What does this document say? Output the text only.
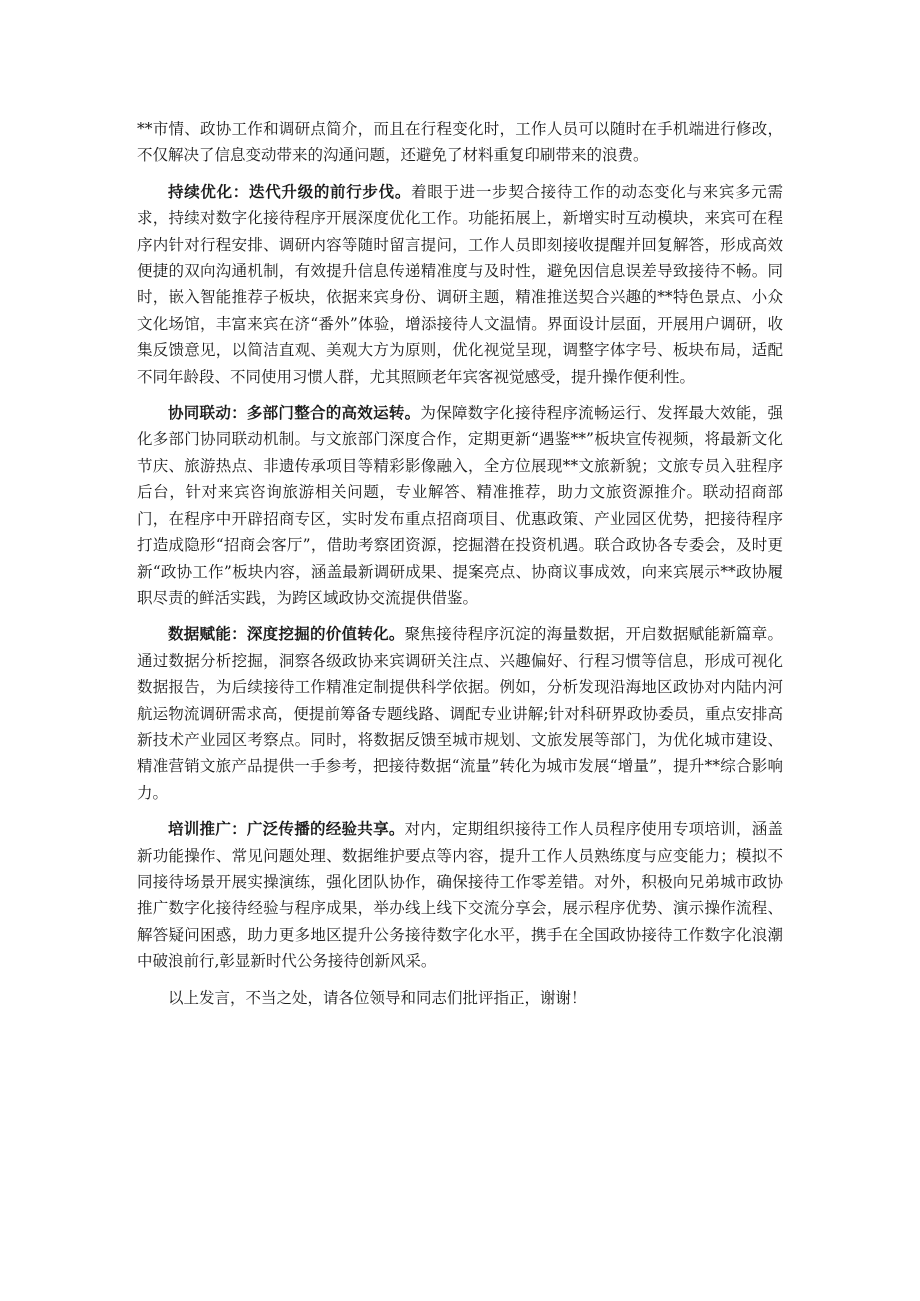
**市情、政协工作和调研点简介，而且在行程变化时，工作人员可以随时在手机端进行修改，不仅解决了信息变动带来的沟通问题，还避免了材料重复印刷带来的浪费。

持续优化：迭代升级的前行步伐。着眼于进一步契合接待工作的动态变化与来宾多元需求，持续对数字化接待程序开展深度优化工作。功能拓展上，新增实时互动模块，来宾可在程序内针对行程安排、调研内容等随时留言提问，工作人员即刻接收提醒并回复解答，形成高效便捷的双向沟通机制，有效提升信息传递精准度与及时性，避免因信息误差导致接待不畅。同时，嵌入智能推荐子板块，依据来宾身份、调研主题，精准推送契合兴趣的**特色景点、小众文化场馆，丰富来宾在济“番外”体验，增添接待人文温情。界面设计层面，开展用户调研，收集反馈意见，以简洁直观、美观大方为原则，优化视觉呈现，调整字体字号、板块布局，适配不同年龄段、不同使用习惯人群，尤其照顾老年宾客视觉感受，提升操作便利性。

协同联动：多部门整合的高效运转。为保障数字化接待程序流畅运行、发挥最大效能，强化多部门协同联动机制。与文旅部门深度合作，定期更新“遇鉴**”板块宣传视频，将最新文化节庆、旅游热点、非遗传承项目等精彩影像融入，全方位展现**文旅新貌；文旅专员入驻程序后台，针对来宾咨询旅游相关问题，专业解答、精准推荐，助力文旅资源推介。联动招商部门，在程序中开辟招商专区，实时发布重点招商项目、优惠政策、产业园区优势，把接待程序打造成隐形“招商会客厅”，借助考察团资源，挖掘潜在投资机遇。联合政协各专委会，及时更新“政协工作”板块内容，涵盖最新调研成果、提案亮点、协商议事成效，向来宾展示**政协履职尽责的鲜活实践，为跨区域政协交流提供借鉴。

数据赋能：深度挖掘的价值转化。聚焦接待程序沉淀的海量数据，开启数据赋能新篇章。通过数据分析挖掘，洞察各级政协来宾调研关注点、兴趣偏好、行程习惯等信息，形成可视化数据报告，为后续接待工作精准定制提供科学依据。例如，分析发现沿海地区政协对内陆内河航运物流调研需求高，便提前筹备专题线路、调配专业讲解;针对科研界政协委员，重点安排高新技术产业园区考察点。同时，将数据反馈至城市规划、文旅发展等部门，为优化城市建设、精准营销文旅产品提供一手参考，把接待数据“流量”转化为城市发展“增量”，提升**综合影响力。

培训推广：广泛传播的经验共享。对内，定期组织接待工作人员程序使用专项培训，涵盖新功能操作、常见问题处理、数据维护要点等内容，提升工作人员熟练度与应变能力；模拟不同接待场景开展实操演练，强化团队协作，确保接待工作零差错。对外，积极向兄弟城市政协推广数字化接待经验与程序成果，举办线上线下交流分享会，展示程序优势、演示操作流程、解答疑问困惑，助力更多地区提升公务接待数字化水平，携手在全国政协接待工作数字化浪潮中破浪前行,彰显新时代公务接待创新风采。

以上发言，不当之处，请各位领导和同志们批评指正，谢谢！
